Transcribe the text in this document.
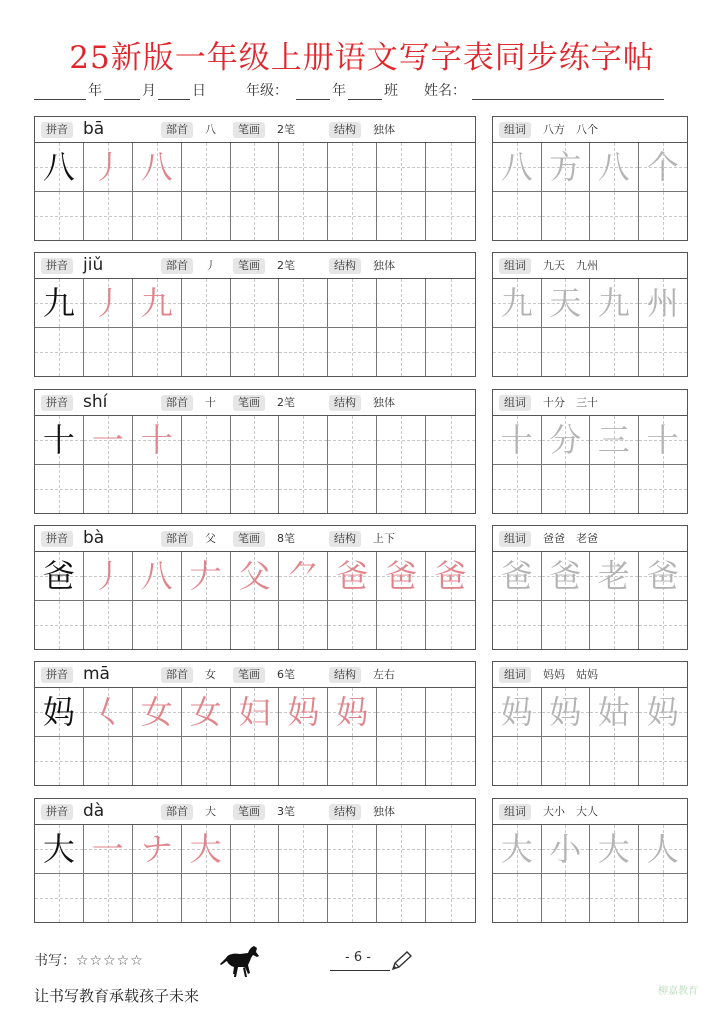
25新版一年级上册语文写字表同步练字帖
年	月	日	年级：	年	班 姓名：
拼音 bā	部首	八	笔画	2笔	结构	独体
八 丿 八
组词	八方　八个
八 方 八 个
拼音 jiǔ	部首	丿	笔画	2笔	结构	独体
九 丿 九
组词	九天　九州
九 天 九 州
拼音 shí	部首	十	笔画	2笔	结构	独体
十 一 十
组词	十分　三十
十 分 三 十
拼音 bà	部首	父	笔画	8笔	结构	上下
爸 丿 八 𠂇 父 ⺈ 爸 爸 爸
组词	爸爸　老爸
爸 爸 老 爸
拼音 mā	部首	女	笔画	6笔	结构	左右
妈 𡿨 女 女 妇 妈 妈
组词	妈妈　姑妈
妈 妈 姑 妈
拼音 dà	部首	大	笔画	3笔	结构	独体
大 一 ナ 大
组词	大小　大人
大 小 大 人
书写：☆☆☆☆☆	- 6 -
让书写教育承载孩子未来	柳嘉教育
